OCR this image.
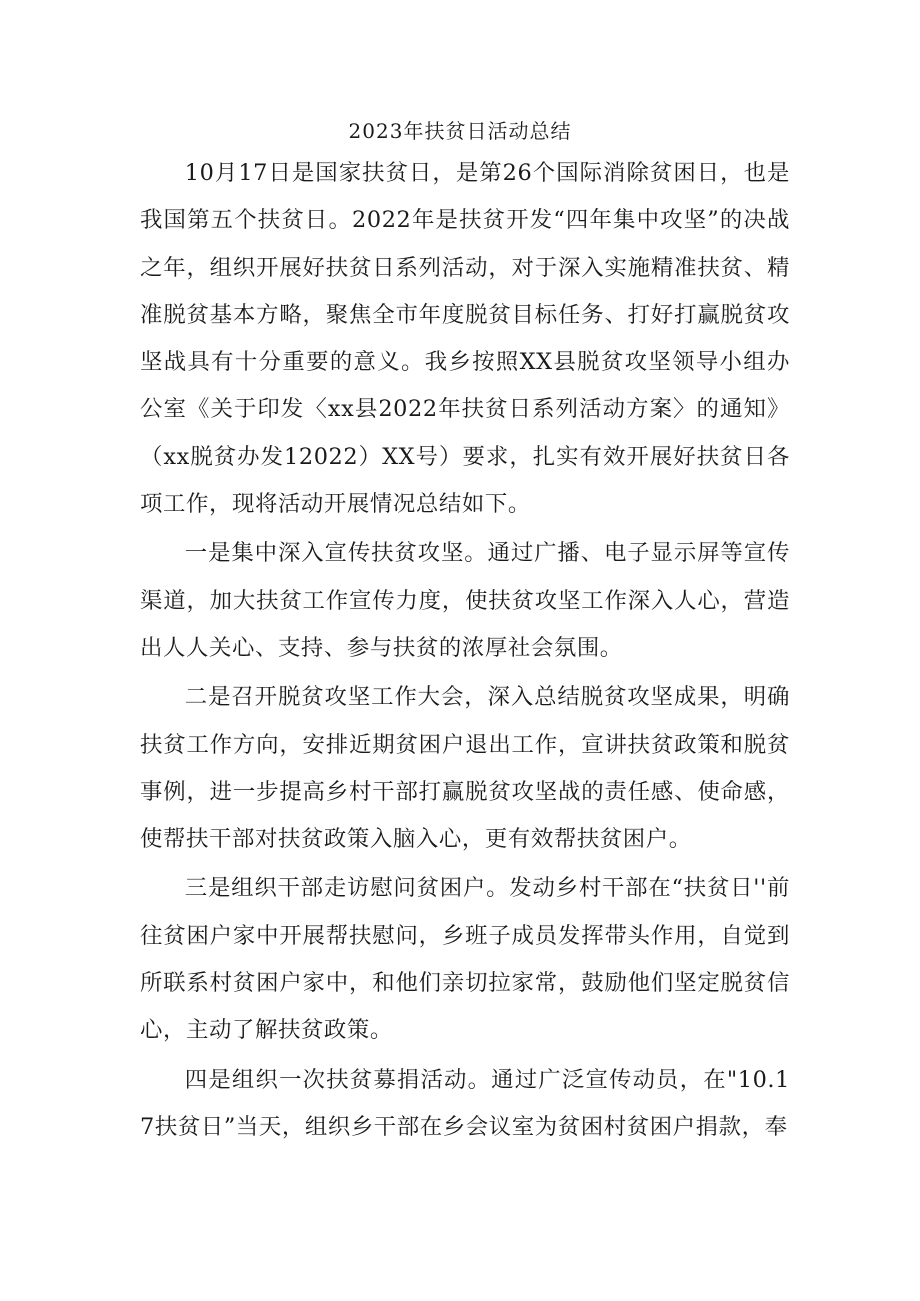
2023年扶贫日活动总结

10月17日是国家扶贫日，是第26个国际消除贫困日，也是我国第五个扶贫日。2022年是扶贫开发“四年集中攻坚”的决战之年，组织开展好扶贫日系列活动，对于深入实施精准扶贫、精准脱贫基本方略，聚焦全市年度脱贫目标任务、打好打赢脱贫攻坚战具有十分重要的意义。我乡按照XX县脱贫攻坚领导小组办公室《关于印发〈xx县2022年扶贫日系列活动方案〉的通知》（xx脱贫办发12022）XX号）要求，扎实有效开展好扶贫日各项工作，现将活动开展情况总结如下。

一是集中深入宣传扶贫攻坚。通过广播、电子显示屏等宣传渠道，加大扶贫工作宣传力度，使扶贫攻坚工作深入人心，营造出人人关心、支持、参与扶贫的浓厚社会氛围。

二是召开脱贫攻坚工作大会，深入总结脱贫攻坚成果，明确扶贫工作方向，安排近期贫困户退出工作，宣讲扶贫政策和脱贫事例，进一步提高乡村干部打赢脱贫攻坚战的责任感、使命感，使帮扶干部对扶贫政策入脑入心，更有效帮扶贫困户。

三是组织干部走访慰问贫困户。发动乡村干部在“扶贫日''前往贫困户家中开展帮扶慰问，乡班子成员发挥带头作用，自觉到所联系村贫困户家中，和他们亲切拉家常，鼓励他们坚定脱贫信心，主动了解扶贫政策。

四是组织一次扶贫募捐活动。通过广泛宣传动员，在"10.17扶贫日”当天，组织乡干部在乡会议室为贫困村贫困户捐款，奉
